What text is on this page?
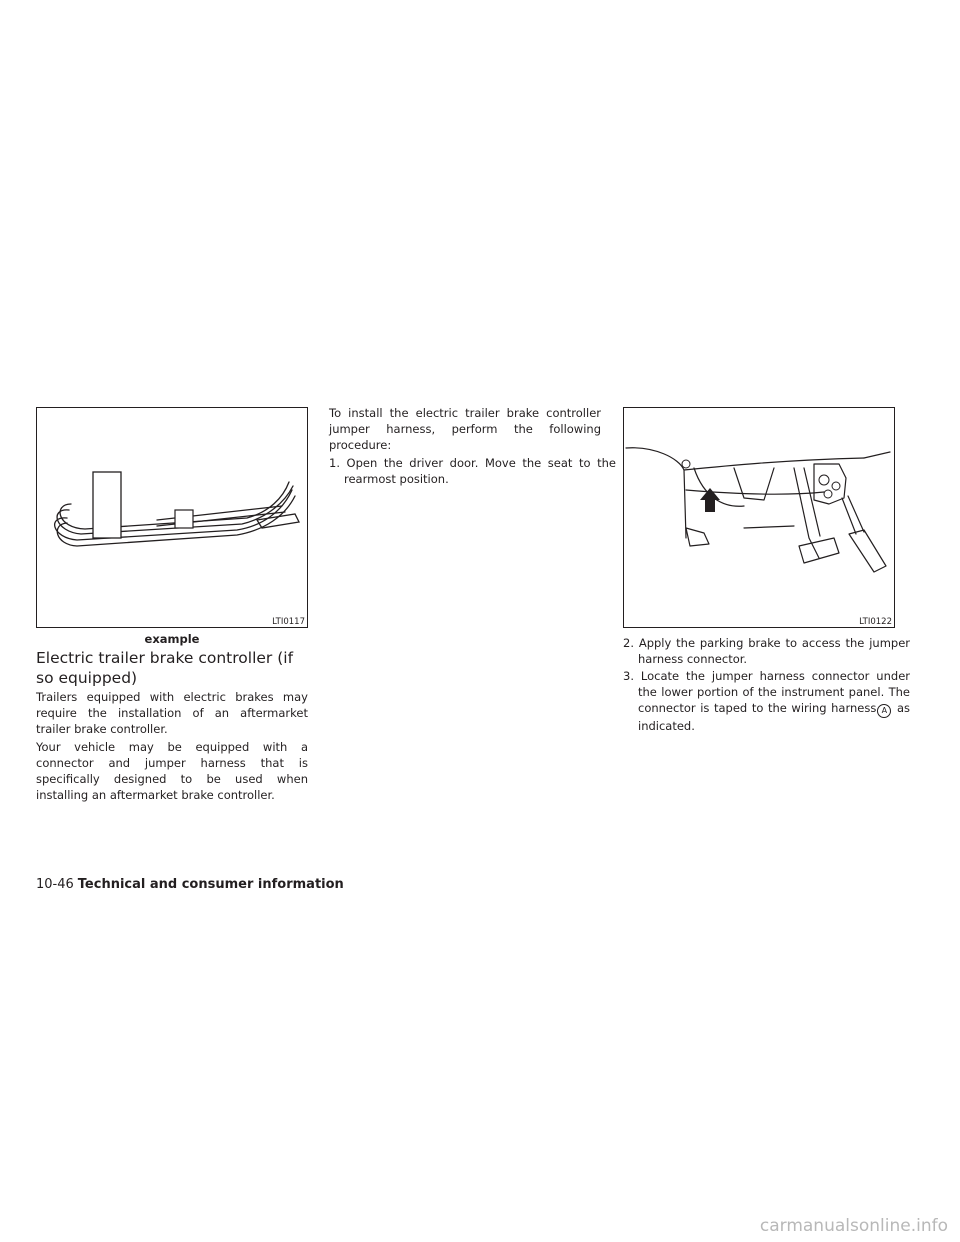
LTI0117
example
Electric trailer brake controller (if
so equipped)

Trailers equipped with electric brakes may require the installation of an aftermarket trailer brake controller.

Your vehicle may be equipped with a connector and jumper harness that is specifically designed to be used when installing an aftermarket brake controller.

To install the electric trailer brake controller jumper harness, perform the following procedure:

1. Open the driver door. Move the seat to the rearmost position.

LTI0122

2. Apply the parking brake to access the jumper harness connector.

3. Locate the jumper harness connector under the lower portion of the instrument panel. The connector is taped to the wiring harness A as indicated.

10-46 Technical and consumer information
carmanualsonline.info
